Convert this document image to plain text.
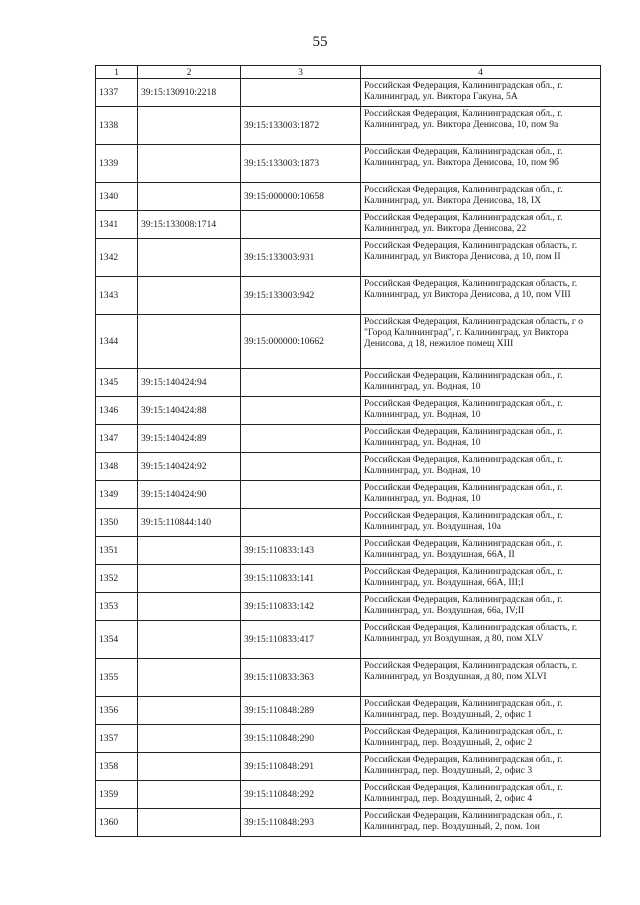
55
1	2	3	4
1337	39:15:130910:2218		Российская Федерация, Калининградская обл., г. Калининград, ул. Виктора Гакуна, 5А
1338		39:15:133003:1872	Российская Федерация, Калининградская обл., г. Калининград, ул. Виктора Денисова, 10, пом 9а
1339		39:15:133003:1873	Российская Федерация, Калининградская обл., г. Калининград, ул. Виктора Денисова, 10, пом 9б
1340		39:15:000000:10658	Российская Федерация, Калининградская обл., г. Калининград, ул. Виктора Денисова, 18, IX
1341	39:15:133008:1714		Российская Федерация, Калининградская обл., г. Калининград, ул. Виктора Денисова, 22
1342		39:15:133003:931	Российская Федерация, Калининградская область, г. Калининград, ул Виктора Денисова, д 10, пом II
1343		39:15:133003:942	Российская Федерация, Калининградская область, г. Калининград, ул Виктора Денисова, д 10, пом VIII
1344		39:15:000000:10662	Российская Федерация, Калининградская область, г о "Город Калининград", г. Калининград, ул Виктора Денисова, д 18, нежилое помещ XIII
1345	39:15:140424:94		Российская Федерация, Калининградская обл., г. Калининград, ул. Водная, 10
1346	39:15:140424:88		Российская Федерация, Калининградская обл., г. Калининград, ул. Водная, 10
1347	39:15:140424:89		Российская Федерация, Калининградская обл., г. Калининград, ул. Водная, 10
1348	39:15:140424:92		Российская Федерация, Калининградская обл., г. Калининград, ул. Водная, 10
1349	39:15:140424:90		Российская Федерация, Калининградская обл., г. Калининград, ул. Водная, 10
1350	39:15:110844:140		Российская Федерация, Калининградская обл., г. Калининград, ул. Воздушная, 10а
1351		39:15:110833:143	Российская Федерация, Калининградская обл., г. Калининград, ул. Воздушная, 66А, II
1352		39:15:110833:141	Российская Федерация, Калининградская обл., г. Калининград, ул. Воздушная, 66А, III;I
1353		39:15:110833:142	Российская Федерация, Калининградская обл., г. Калининград, ул. Воздушная, 66а, IV;II
1354		39:15:110833:417	Российская Федерация, Калининградская область, г. Калининград, ул Воздушная, д 80, пом XLV
1355		39:15:110833:363	Российская Федерация, Калининградская область, г. Калининград, ул Воздушная, д 80, пом XLVI
1356		39:15:110848:289	Российская Федерация, Калининградская обл., г. Калининград, пер. Воздушный, 2, офис 1
1357		39:15:110848:290	Российская Федерация, Калининградская обл., г. Калининград, пер. Воздушный, 2, офис 2
1358		39:15:110848:291	Российская Федерация, Калининградская обл., г. Калининград, пер. Воздушный, 2, офис 3
1359		39:15:110848:292	Российская Федерация, Калининградская обл., г. Калининград, пер. Воздушный, 2, офис 4
1360		39:15:110848:293	Российская Федерация, Калининградская обл., г. Калининград, пер. Воздушный, 2, пом. 1ои
